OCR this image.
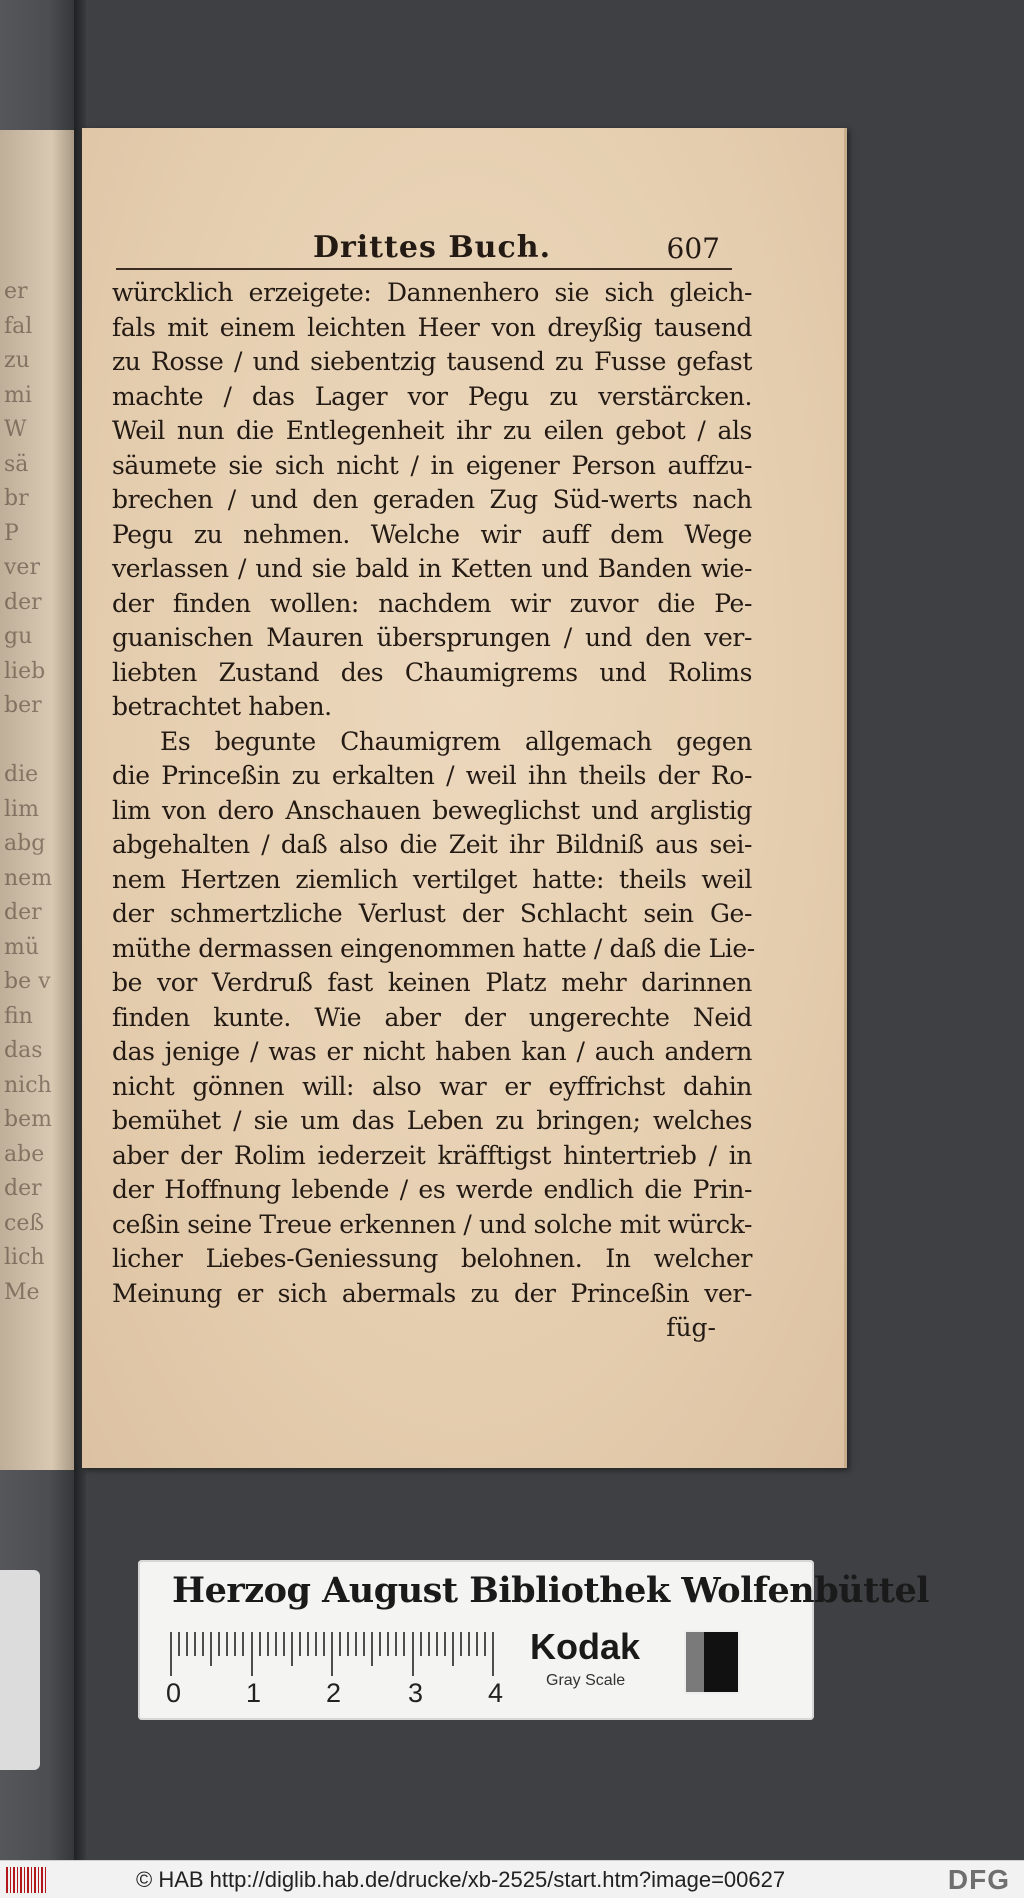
er
fal
zu
mi
W
sä
br
P
ver
der
gu
lieb
ber
die
lim
abg
nem
der
mü
be v
fin
das
nich
bem
abe
der
ceß
lich
Me
Drittes Buch.	607
würcklich erzeigete: Dannenhero sie sich gleich-
fals mit einem leichten Heer von dreyßig tausend
zu Rosse / und siebentzig tausend zu Fusse gefast
machte / das Lager vor Pegu zu verstärcken.
Weil nun die Entlegenheit ihr zu eilen gebot / als
säumete sie sich nicht / in eigener Person auffzu-
brechen / und den geraden Zug Süd-werts nach
Pegu zu nehmen. Welche wir auff dem Wege
verlassen / und sie bald in Ketten und Banden wie-
der finden wollen: nachdem wir zuvor die Pe-
guanischen Mauren übersprungen / und den ver-
liebten Zustand des Chaumigrems und Rolims
betrachtet haben.
Es begunte Chaumigrem allgemach gegen
die Princeßin zu erkalten / weil ihn theils der Ro-
lim von dero Anschauen beweglichst und arglistig
abgehalten / daß also die Zeit ihr Bildniß aus sei-
nem Hertzen ziemlich vertilget hatte: theils weil
der schmertzliche Verlust der Schlacht sein Ge-
müthe dermassen eingenommen hatte / daß die Lie-
be vor Verdruß fast keinen Platz mehr darinnen
finden kunte. Wie aber der ungerechte Neid
das jenige / was er nicht haben kan / auch andern
nicht gönnen will: also war er eyffrichst dahin
bemühet / sie um das Leben zu bringen; welches
aber der Rolim iederzeit kräfftigst hintertrieb / in
der Hoffnung lebende / es werde endlich die Prin-
ceßin seine Treue erkennen / und solche mit würck-
licher Liebes-Geniessung belohnen. In welcher
Meinung er sich abermals zu der Princeßin ver-
füg-
Herzog August Bibliothek Wolfenbüttel
0 1 2 3 4
Kodak
Gray Scale
© HAB http://diglib.hab.de/drucke/xb-2525/start.htm?image=00627	DFG
